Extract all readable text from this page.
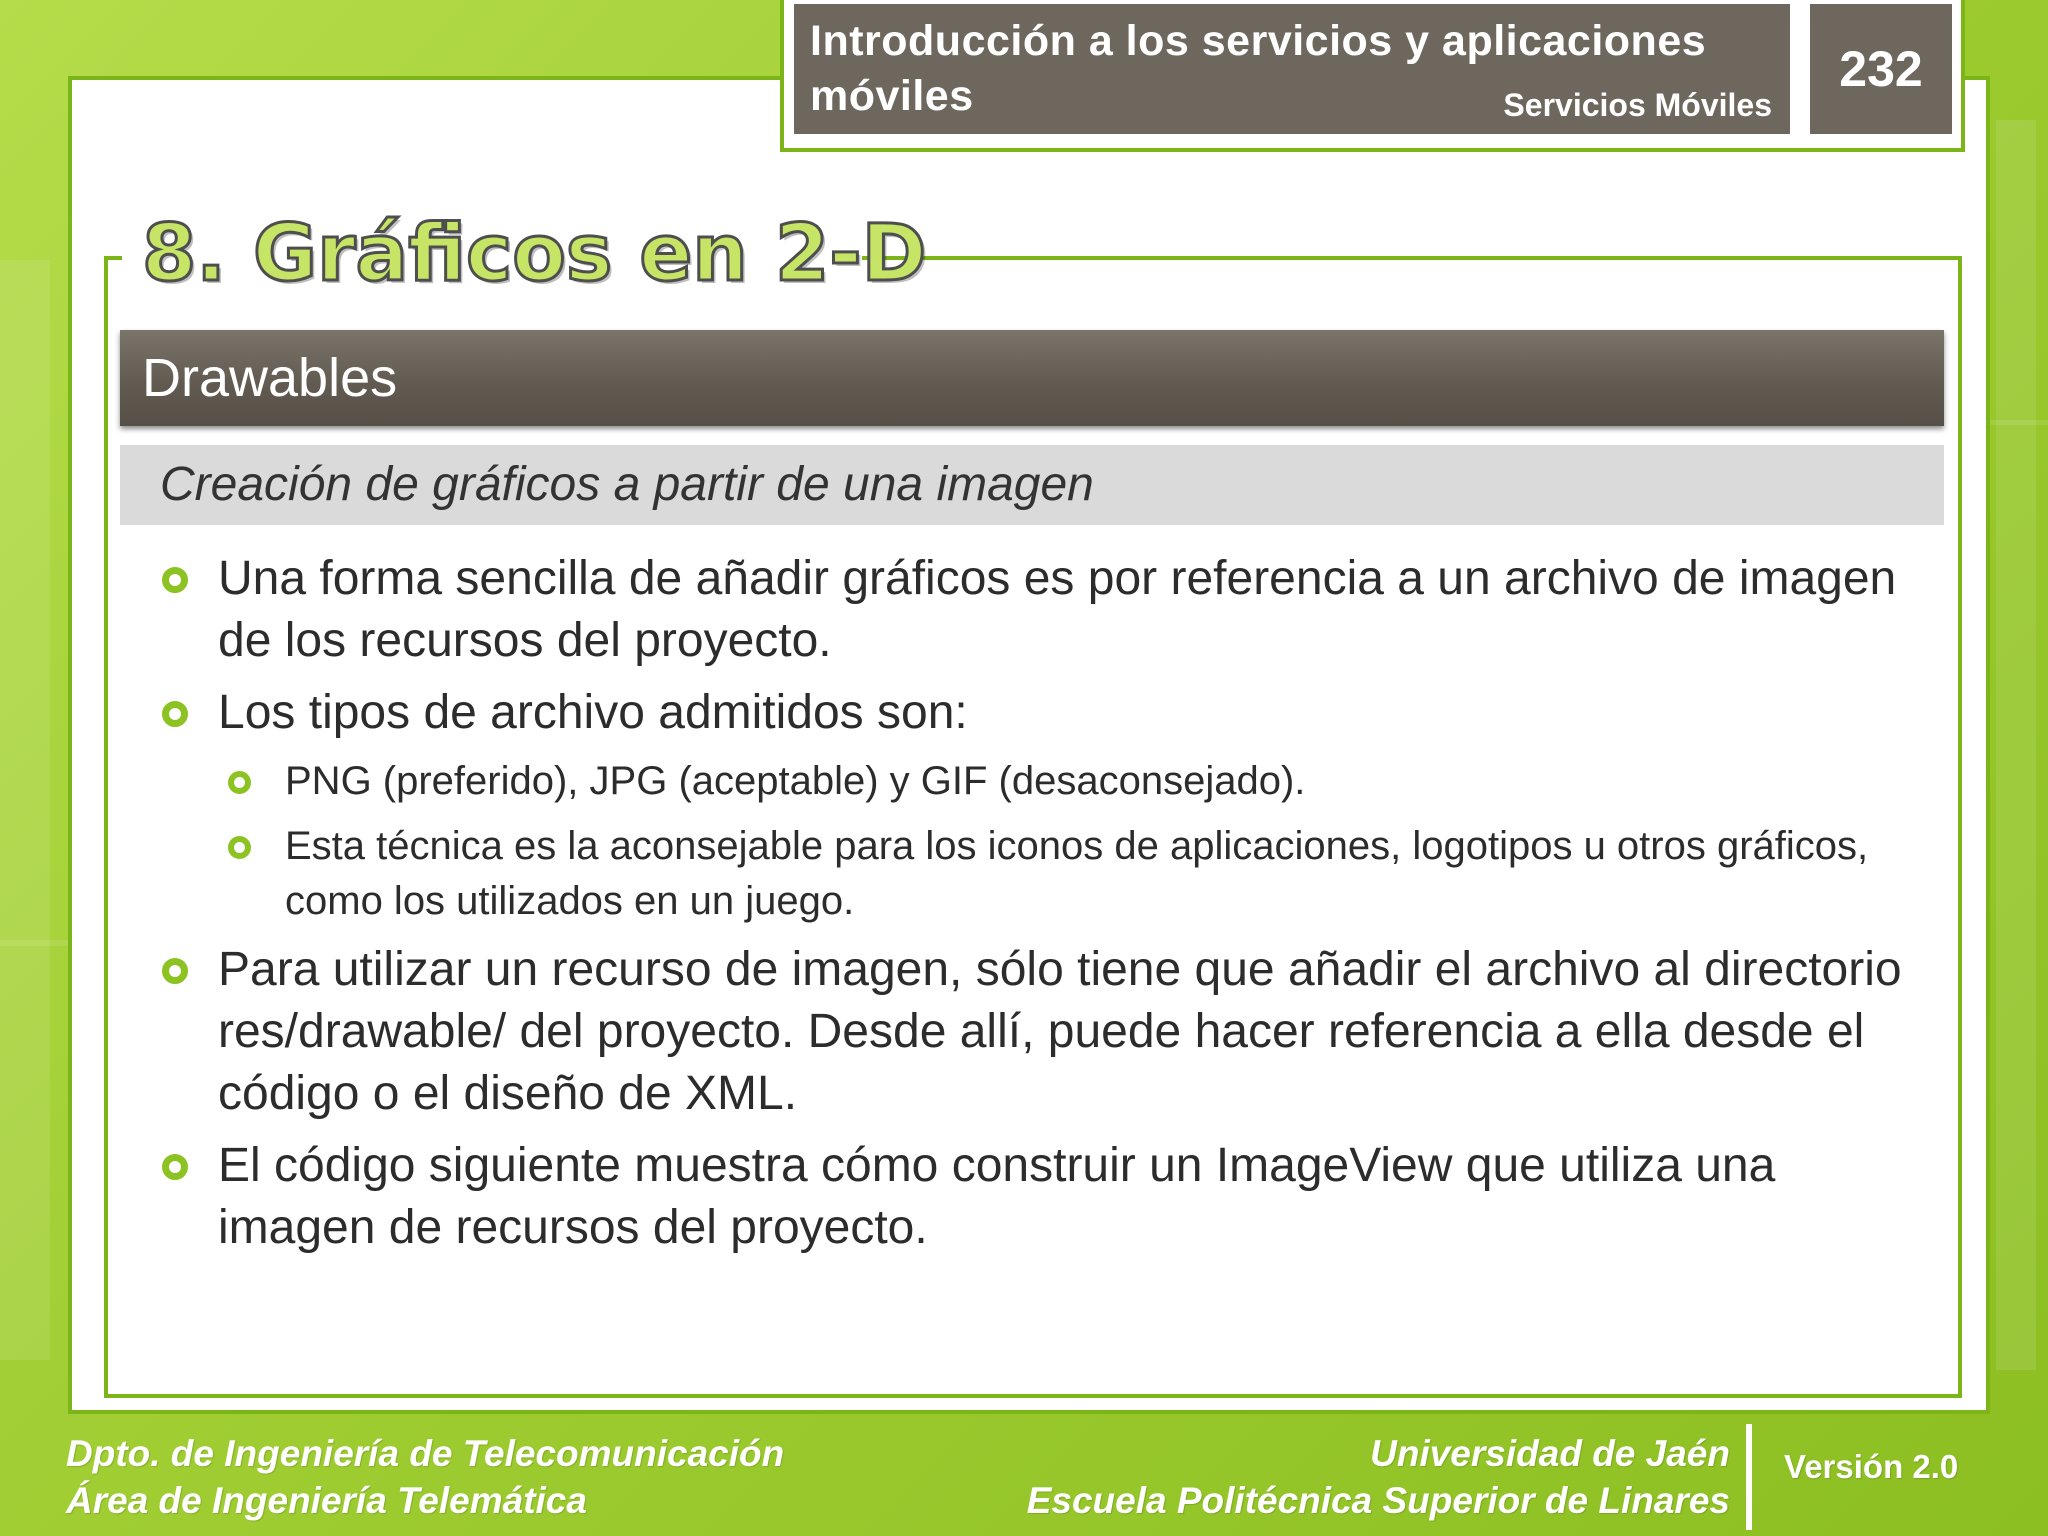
Introducción a los servicios y aplicaciones móviles	Servicios Móviles
232
8. Gráficos en 2-D
Drawables
Creación de gráficos a partir de una imagen
Una forma sencilla de añadir gráficos es por referencia a un archivo de imagen de los recursos del proyecto.
Los tipos de archivo admitidos son:
PNG (preferido), JPG (aceptable) y GIF (desaconsejado).
Esta técnica es la aconsejable para los iconos de aplicaciones, logotipos u otros gráficos, como los utilizados en un juego.
Para utilizar un recurso de imagen, sólo tiene que añadir el archivo al directorio res/drawable/ del proyecto. Desde allí, puede hacer referencia a ella desde el código o el diseño de XML.
El código siguiente muestra cómo construir un ImageView que utiliza una imagen de recursos del proyecto.
Dpto. de Ingeniería de Telecomunicación
Área de Ingeniería Telemática
Universidad de Jaén
Escuela Politécnica Superior de Linares
Versión 2.0
